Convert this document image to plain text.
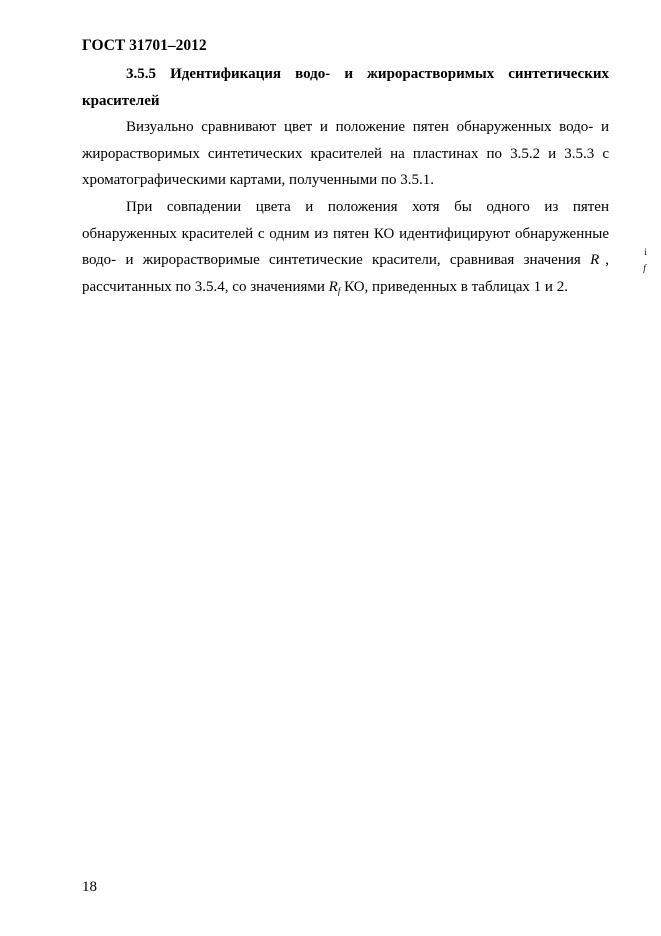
ГОСТ 31701–2012

3.5.5 Идентификация водо- и жирорастворимых синтетических красителей

Визуально сравнивают цвет и положение пятен обнаруженных водо- и жирорастворимых синтетических красителей на пластинах по 3.5.2 и 3.5.3 с хроматографическими картами, полученными по 3.5.1.

При совпадении цвета и положения хотя бы одного из пятен обнаруженных красителей с одним из пятен КО идентифицируют обнаруженные водо- и жирорастворимые синтетические красители, сравнивая значения R	i
f
, рассчитанных по 3.5.4, со значениями $R_f$ КО, приведенных в таблицах 1 и 2.

18
